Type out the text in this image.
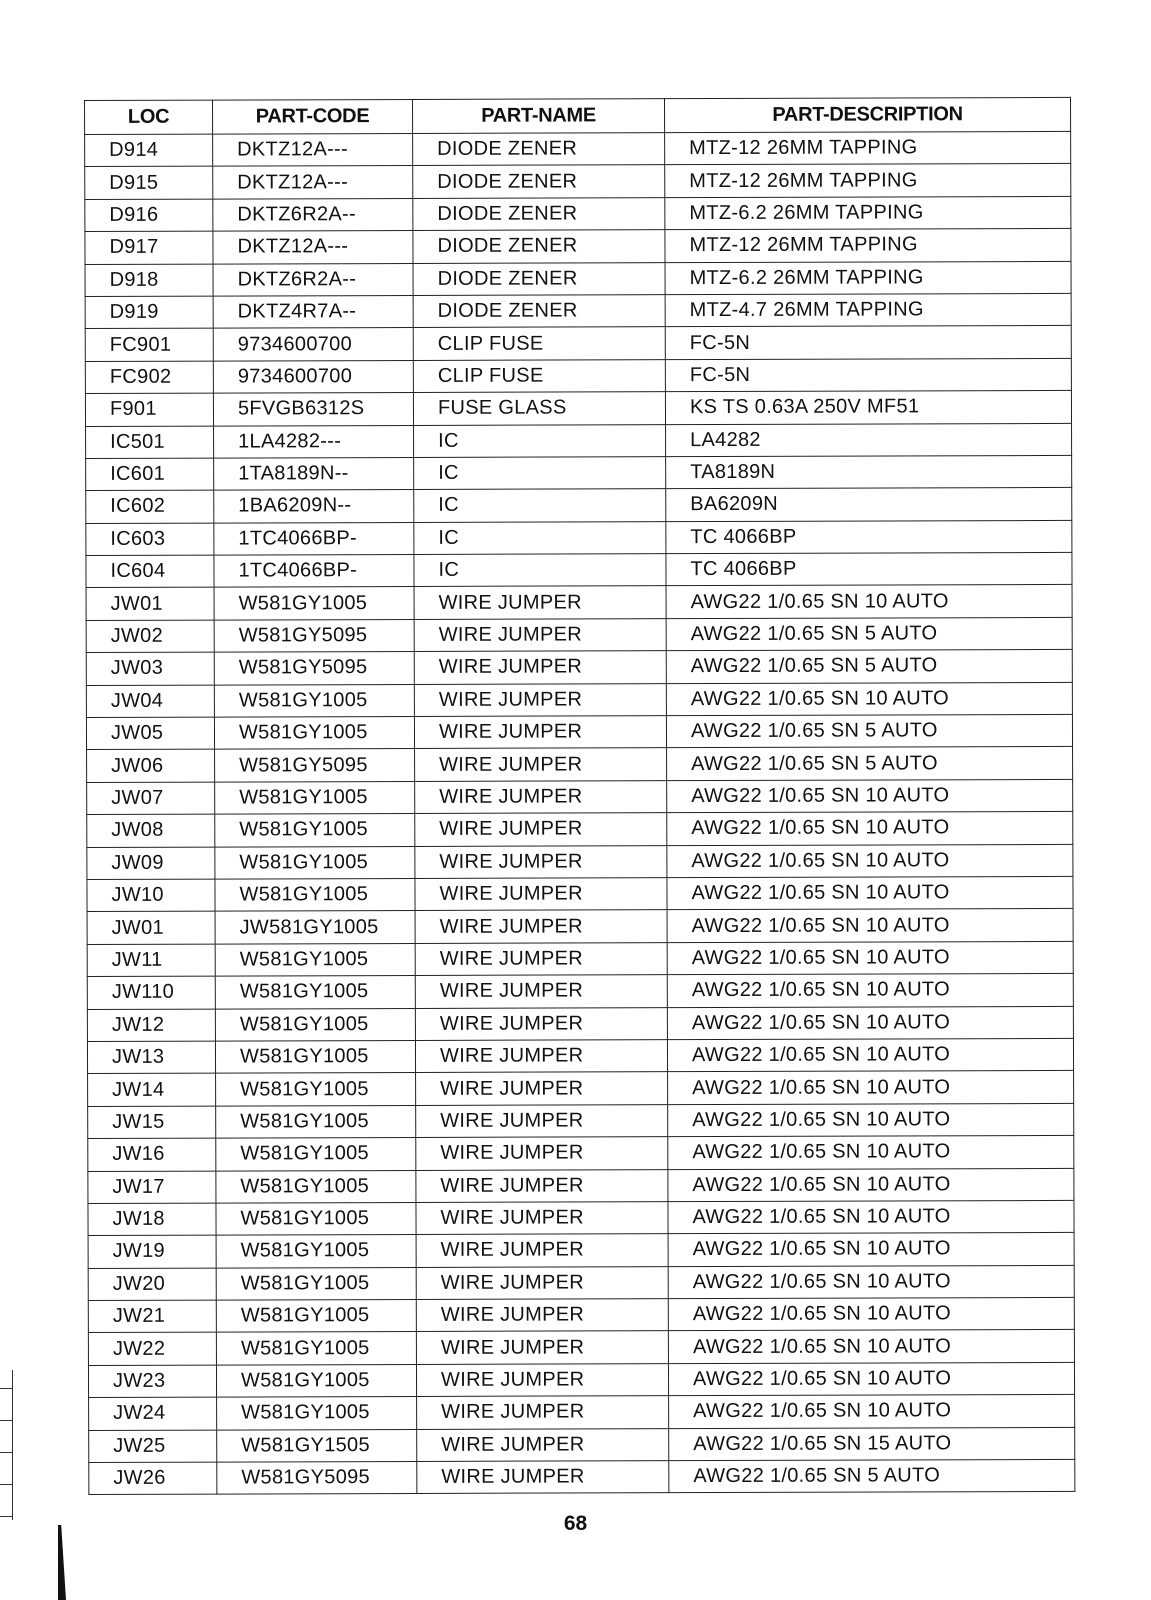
LOC	PART-CODE	PART-NAME	PART-DESCRIPTION
D914	DKTZ12A---	DIODE ZENER	MTZ-12 26MM TAPPING
D915	DKTZ12A---	DIODE ZENER	MTZ-12 26MM TAPPING
D916	DKTZ6R2A--	DIODE ZENER	MTZ-6.2 26MM TAPPING
D917	DKTZ12A---	DIODE ZENER	MTZ-12 26MM TAPPING
D918	DKTZ6R2A--	DIODE ZENER	MTZ-6.2 26MM TAPPING
D919	DKTZ4R7A--	DIODE ZENER	MTZ-4.7 26MM TAPPING
FC901	9734600700	CLIP FUSE	FC-5N
FC902	9734600700	CLIP FUSE	FC-5N
F901	5FVGB6312S	FUSE GLASS	KS TS 0.63A 250V MF51
IC501	1LA4282---	IC	LA4282
IC601	1TA8189N--	IC	TA8189N
IC602	1BA6209N--	IC	BA6209N
IC603	1TC4066BP-	IC	TC 4066BP
IC604	1TC4066BP-	IC	TC 4066BP
JW01	W581GY1005	WIRE JUMPER	AWG22 1/0.65 SN 10 AUTO
JW02	W581GY5095	WIRE JUMPER	AWG22 1/0.65 SN 5 AUTO
JW03	W581GY5095	WIRE JUMPER	AWG22 1/0.65 SN 5 AUTO
JW04	W581GY1005	WIRE JUMPER	AWG22 1/0.65 SN 10 AUTO
JW05	W581GY1005	WIRE JUMPER	AWG22 1/0.65 SN 5 AUTO
JW06	W581GY5095	WIRE JUMPER	AWG22 1/0.65 SN 5 AUTO
JW07	W581GY1005	WIRE JUMPER	AWG22 1/0.65 SN 10 AUTO
JW08	W581GY1005	WIRE JUMPER	AWG22 1/0.65 SN 10 AUTO
JW09	W581GY1005	WIRE JUMPER	AWG22 1/0.65 SN 10 AUTO
JW10	W581GY1005	WIRE JUMPER	AWG22 1/0.65 SN 10 AUTO
JW01	JW581GY1005	WIRE JUMPER	AWG22 1/0.65 SN 10 AUTO
JW11	W581GY1005	WIRE JUMPER	AWG22 1/0.65 SN 10 AUTO
JW110	W581GY1005	WIRE JUMPER	AWG22 1/0.65 SN 10 AUTO
JW12	W581GY1005	WIRE JUMPER	AWG22 1/0.65 SN 10 AUTO
JW13	W581GY1005	WIRE JUMPER	AWG22 1/0.65 SN 10 AUTO
JW14	W581GY1005	WIRE JUMPER	AWG22 1/0.65 SN 10 AUTO
JW15	W581GY1005	WIRE JUMPER	AWG22 1/0.65 SN 10 AUTO
JW16	W581GY1005	WIRE JUMPER	AWG22 1/0.65 SN 10 AUTO
JW17	W581GY1005	WIRE JUMPER	AWG22 1/0.65 SN 10 AUTO
JW18	W581GY1005	WIRE JUMPER	AWG22 1/0.65 SN 10 AUTO
JW19	W581GY1005	WIRE JUMPER	AWG22 1/0.65 SN 10 AUTO
JW20	W581GY1005	WIRE JUMPER	AWG22 1/0.65 SN 10 AUTO
JW21	W581GY1005	WIRE JUMPER	AWG22 1/0.65 SN 10 AUTO
JW22	W581GY1005	WIRE JUMPER	AWG22 1/0.65 SN 10 AUTO
JW23	W581GY1005	WIRE JUMPER	AWG22 1/0.65 SN 10 AUTO
JW24	W581GY1005	WIRE JUMPER	AWG22 1/0.65 SN 10 AUTO
JW25	W581GY1505	WIRE JUMPER	AWG22 1/0.65 SN 15 AUTO
JW26	W581GY5095	WIRE JUMPER	AWG22 1/0.65 SN 5 AUTO
68
